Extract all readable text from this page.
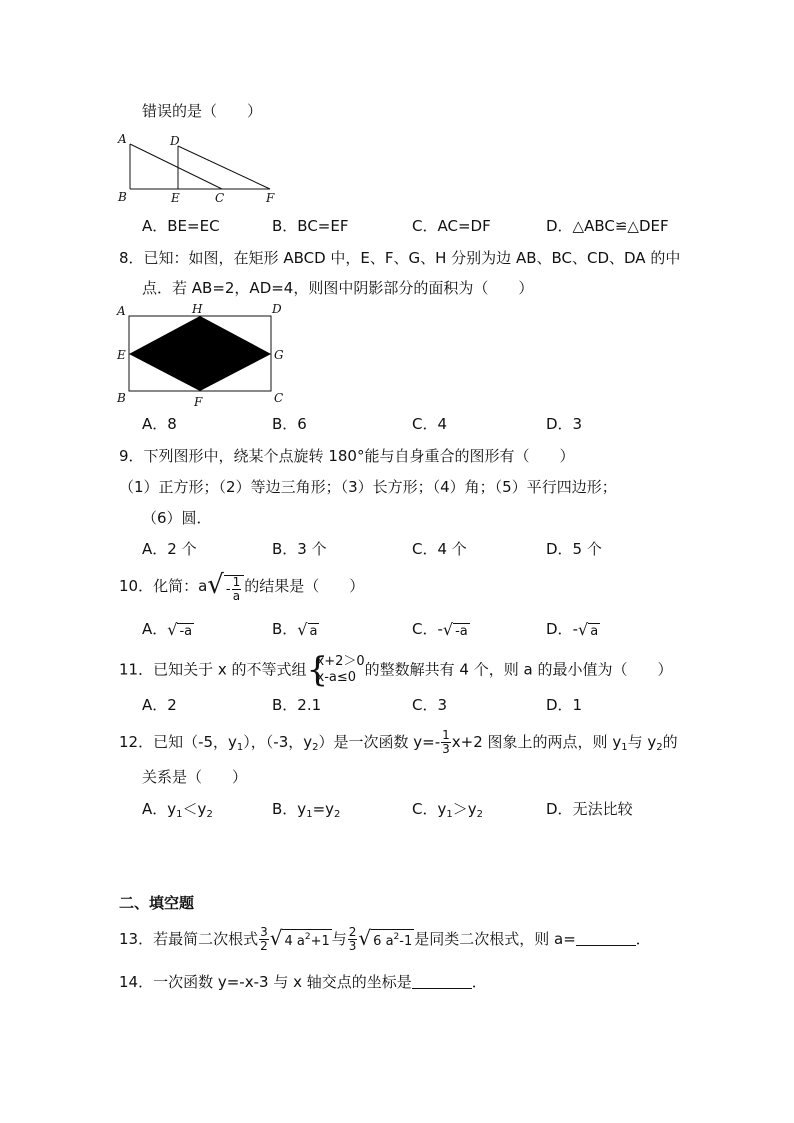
错误的是（　　）
A
B
D
E	C	F
A．BE=EC	B．BC=EF	C．AC=DF	D．△ABC≌△DEF
8．已知：如图，在矩形 ABCD 中，E、F、G、H 分别为边 AB、BC、CD、DA 的中
点．若 AB=2，AD=4，则图中阴影部分的面积为（　　）
A	H	D
E	G
B	F	C
A．8	B．6	C．4	D．3
9．下列图形中，绕某个点旋转 180°能与自身重合的图形有（　　）
（1）正方形；（2）等边三角形；（3）长方形；（4）角；（5）平行四边形；
（6）圆．
A．2 个	B．3 个	C．4 个	D．5 个
10．化简：$a√ - \frac{1}{a}$ 的结果是（　　）
A．√ -a	B．√ a	C．-√ -a	D．-√ a
11．已知关于 x 的不等式组 {
x+2＞0
x-a≤0 的整数解共有 4 个，则 a 的最小值为（　　）
A．2	B．2.1	C．3	D．1
12．已知（-5，$y_1$），（-3，$y_2$）是一次函数 $y=- \frac{1}{3} x+2$ 图象上的两点，则 $y_1$与 $y_2$的
关系是（　　）
A．$y_1<y_2$	B．$y_1=y_2$	C．$y_1>y_2$	D．无法比较
二、填空题
13．若最简二次根式 $\frac{3}{2}$ √ 4 $a^2+1$ 与 $\frac{2}{3}$ √ 6 $a^2-1$ 是同类二次根式，则 a=	．
14．一次函数 y=-x-3 与 x 轴交点的坐标是	．
